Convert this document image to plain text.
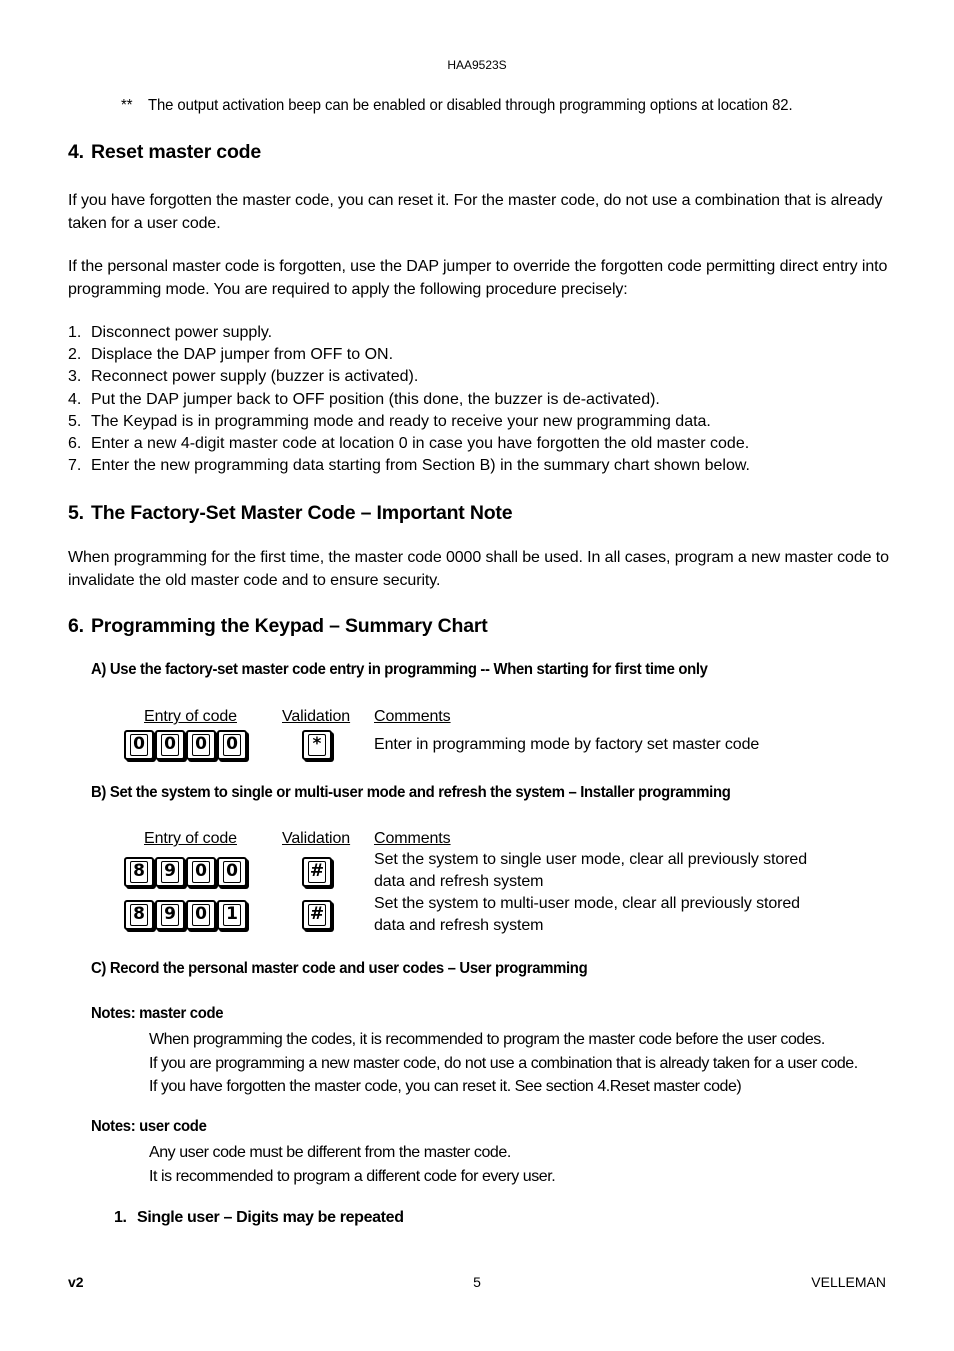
HAA9523S
** The output activation beep can be enabled or disabled through programming options at location 82.
4. Reset master code
If you have forgotten the master code, you can reset it. For the master code, do not use a combination that is already taken for a user code.
If the personal master code is forgotten, use the DAP jumper to override the forgotten code permitting direct entry into programming mode. You are required to apply the following procedure precisely:
1. Disconnect power supply.
2. Displace the DAP jumper from OFF to ON.
3. Reconnect power supply (buzzer is activated).
4. Put the DAP jumper back to OFF position (this done, the buzzer is de-activated).
5. The Keypad is in programming mode and ready to receive your new programming data.
6. Enter a new 4-digit master code at location 0 in case you have forgotten the old master code.
7. Enter the new programming data starting from Section B) in the summary chart shown below.
5. The Factory-Set Master Code – Important Note
When programming for the first time, the master code 0000 shall be used. In all cases, program a new master code to invalidate the old master code and to ensure security.
6. Programming the Keypad – Summary Chart
A) Use the factory-set master code entry in programming -- When starting for first time only
Entry of code	Validation Comments
0 0 0 0	*	Enter in programming mode by factory set master code
B) Set the system to single or multi-user mode and refresh the system – Installer programming
Entry of code	Validation Comments
8 9 0 0	#
Set the system to single user mode, clear all previously stored
data and refresh system
8 9 0 1	#
Set the system to multi-user mode, clear all previously stored
data and refresh system
C) Record the personal master code and user codes – User programming
Notes: master code
When programming the codes, it is recommended to program the master code before the user codes.
If you are programming a new master code, do not use a combination that is already taken for a user code.
If you have forgotten the master code, you can reset it. See section 4.Reset master code)
Notes: user code
Any user code must be different from the master code.
It is recommended to program a different code for every user.
1. Single user – Digits may be repeated
v2	5	VELLEMAN
